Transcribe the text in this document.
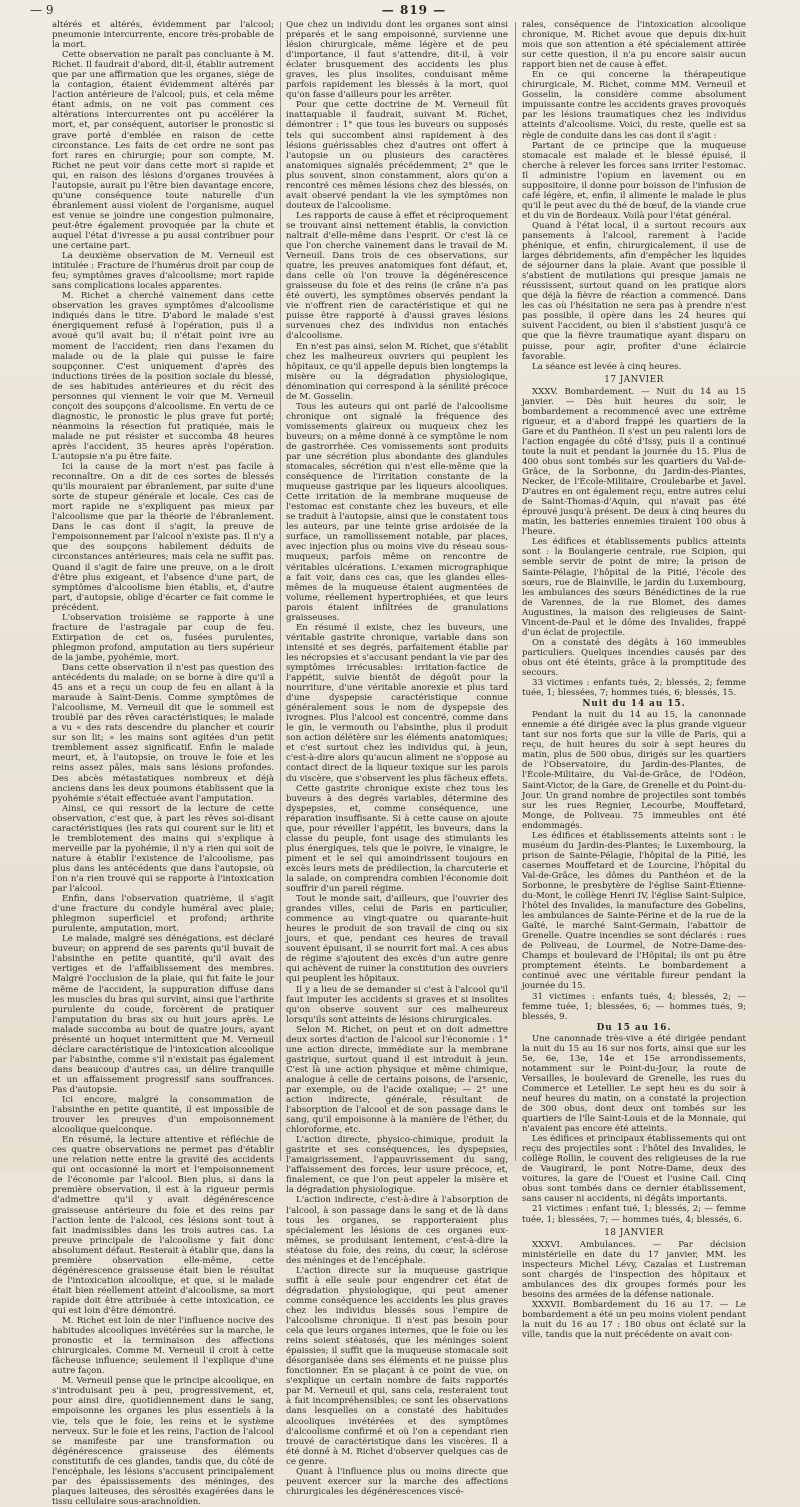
— 9	— 819 —

altérés et altérés, évidemment par l'alcool; pneumonie intercurrente, encore très-probable de la mort.

Cette observation ne paraît pas concluante à M. Richet. Il faudrait d'abord, dit-il, établir autrement que par une affirmation que les organes, siége de la contagion, étaient évidemment altérés par l'action antérieure de l'alcool; puis, et cela même étant admis, on ne voit pas comment ces altérations intercurrentes ont pu accélérer la mort, et, par conséquent, autoriser le pronostic si grave porté d'emblée en raison de cette circonstance. Les faits de cet ordre ne sont pas fort rares en chirurgie; pour son compte, M. Richet ne peut voir dans cette mort si rapide et qui, en raison des lésions d'organes trouvées à l'autopsie, aurait pu l'être bien davantage encore, qu'une conséquence toute naturelle d'un ébranlement aussi violent de l'organisme, auquel est venue se joindre une congestion pulmonaire, peut-être également provoquée par la chute et auquel l'état d'ivresse a pu aussi contribuer pour une certaine part.

La deuxième observation de M. Verneuil est intitulée : Fracture de l'humérus droit par coup de feu; symptômes graves d'alcoolisme; mort rapide sans complications locales apparentes.

M. Richet a cherché vainement dans cette observation les graves symptômes d'alcoolisme indiqués dans le titre. D'abord le malade s'est énergiquement refusé à l'opération, puis il a avoué qu'il avait bu; il n'était point ivre au moment de l'accident; rien dans l'examen du malade ou de la plaie qui puisse le faire soupçonner. C'est uniquement d'après des inductions tirées de la position sociale du blessé, de ses habitudes antérieures et du récit des personnes qui viennent le voir que M. Verneuil conçoit des soupçons d'alcoolisme. En vertu de ce diagnostic, le pronostic le plus grave fut porté; néanmoins la résection fut pratiquée, mais le malade ne put résister et succomba 48 heures après l'accident, 35 heures après l'opération. L'autopsie n'a pu être faite.

Ici la cause de la mort n'est pas facile à reconnaître. On a dit de ces sortes de blessés qu'ils mouraient par ébranlement, par suite d'une sorte de stupeur générale et locale. Ces cas de mort rapide ne s'expliquent pas mieux par l'alcoolisme que par la théorie de l'ébranlement. Dans le cas dont il s'agit, la preuve de l'empoisonnement par l'alcool n'existe pas. Il n'y a que des soupçons habilement déduits de circonstances antérieures; mais cela ne suffit pas. Quand il s'agit de faire une preuve, on a le droit d'être plus exigeant, et l'absence d'une part, de symptômes d'alcoolisme bien établis, et, d'autre part, d'autopsie, oblige d'écarter ce fait comme le précédent.

L'observation troisième se rapporte à une fracture de l'astragale par coup de feu. Extirpation de cet os, fusées purulentes, phlegmon profond, amputation au tiers supérieur de la jambe, pyohémie, mort.

Dans cette observation il n'est pas question des antécédents du malade; on se borne à dire qu'il a 45 ans et a reçu un coup de feu en allant à la maraude à Saint-Denis. Comme symptômes de l'alcoolisme, M. Verneuil dit que le sommeil est troublé par des rêves caractéristiques; le malade a vu « des rats descendre du plancher et courir sur son lit; » les mains sont agitées d'un petit tremblement assez significatif. Enfin le malade meurt, et, à l'autopsie, on trouve le foie et les reins assez pâles, mais sans lésions profondes. Des abcès métastatiques nombreux et déjà anciens dans les deux poumons établissent que la pyohémie s'était effectuée avant l'amputation.

Ainsi, ce qui ressort de la lecture de cette observation, c'est que, à part les rêves soi-disant caractéristiques (les rats qui courent sur le lit) et le tremblotement des mains qui s'explique à merveille par la pyohémie, il n'y a rien qui soit de nature à établir l'existence de l'alcoolisme, pas plus dans les antécédents que dans l'autopsie, où l'on n'a rien trouvé qui se rapporte à l'intoxication par l'alcool.

Enfin, dans l'observation quatrième, il s'agit d'une fracture du condyle huméral avec plaie; phlegmon superficiel et profond; arthrite purulente, amputation, mort.

Le malade, malgré ses dénégations, est déclaré buveur; on apprend de ses parents qu'il buvait de l'absinthe en petite quantité, qu'il avait des vertiges et de l'affaiblissement des membres. Malgré l'occlusion de la plaie, qui fut faite le jour même de l'accident, la suppuration diffuse dans les muscles du bras qui survint, ainsi que l'arthrite purulente du coude, forcèrent de pratiquer l'amputation du bras six ou huit jours après. Le malade succomba au bout de quatre jours, ayant présenté un hoquet intermittent que M. Verneuil déclare caractéristique de l'intoxication alcoolique par l'absinthe, comme s'il n'existait pas également dans beaucoup d'autres cas, un délire tranquille et un affaissement progressif sans souffrances. Pas d'autopsie.

Ici encore, malgré la consommation de l'absinthe en petite quantité, il est impossible de trouver les preuves d'un empoisonnement alcoolique quelconque.

En résumé, la lecture attentive et réfléchie de ces quatre observations ne permet pas d'établir une relation nette entre la gravité des accidents qui ont occasionné la mort et l'empoisonnement de l'économie par l'alcool. Bien plus, si dans la première observation, il est à la rigueur permis d'admettre qu'il y avait dégénérescence graisseuse antérieure du foie et des reins par l'action lente de l'alcool, ces lésions sont tout à fait inadmissibles dans les trois autres cas. La preuve principale de l'alcoolisme y fait donc absolument défaut. Resterait à établir que, dans la première observation elle-même, cette dégénérescence graisseuse était bien le résultat de l'intoxication alcoolique, et que, si le malade était bien réellement atteint d'alcoolisme, sa mort rapide doit être attribuée à cette intoxication, ce qui est loin d'être démontré.

M. Richet est loin de nier l'influence nocive des habitudes alcooliques invétérées sur la marche, le pronostic et la terminaison des affections chirurgicales. Comme M. Verneuil il croit à cette fâcheuse influence; seulement il l'explique d'une autre façon.

M. Verneuil pense que le principe alcoolique, en s'introduisant peu à peu, progressivement, et, pour ainsi dire, quotidiennement dans le sang, empoisonne les organes les plus essentiels à la vie, tels que le foie, les reins et le système nerveux. Sur le foie et les reins, l'action de l'alcool se manifeste par une transformation ou dégénérescence graisseuse des éléments constitutifs de ces glandes, tandis que, du côté de l'encéphale, les lésions s'accusent principalement par des épaississements des méninges, des plaques laiteuses, des sérosités exagérées dans le tissu cellulaire sous-arachnoïdien.

Que chez un individu dont les organes sont ainsi préparés et le sang empoisonné, survienne une lésion chirurgicale, même légère et de peu d'importance, il faut s'attendre, dit-il, à voir éclater brusquement des accidents les plus graves, les plus insolites, conduisant même parfois rapidement les blessés à la mort, quoi qu'on fasse d'ailleurs pour les arrêter.

Pour que cette doctrine de M. Verneuil fût inattaquable il faudrait, suivant M. Richet, démontrer : 1° que tous les buveurs ou supposés tels qui succombent ainsi rapidement à des lésions guérissables chez d'autres ont offert à l'autopsie un ou plusieurs des caractères anatomiques signalés précédemment; 2° que le plus souvent, sinon constamment, alors qu'on a rencontré ces mêmes lésions chez des blessés, on avait observé pendant la vie les symptômes non douteux de l'alcoolisme.

Les rapports de cause à effet et réciproquement se trouvant ainsi nettement établis, la conviction naîtrait d'elle-même dans l'esprit. Or c'est là ce que l'on cherche vainement dans le travail de M. Verneuil. Dans trois de ces observations, sur quatre, les preuves anatomiques font défaut, et, dans celle où l'on trouve la dégénérescence graisseuse du foie et des reins (le crâne n'a pas été ouvert), les symptômes observés pendant la vie n'offrent rien de caractéristique et qui ne puisse être rapporté à d'aussi graves lésions survenues chez des individus non entachés d'alcoolisme.

En n'est pas ainsi, selon M. Richet, que s'établit chez les malheureux ouvriers qui peuplent les hôpitaux, ce qu'il appelle depuis bien longtemps la misère ou la dégradation physiologique, dénomination qui correspond à la sénilité précoce de M. Gosselin.

Tous les auteurs qui ont parlé de l'alcoolisme chronique ont signalé la fréquence des vomissements glaireux ou muqueux chez les buveurs; on a même donné à ce symptôme le nom de gastrorrhée. Ces vomissements sont produits par une sécrétion plus abondante des glandules stomacales, sécrétion qui n'est elle-même que la conséquence de l'irritation constante de la muqueuse gastrique par les liqueurs alcooliques. Cette irritation de la membrane muqueuse de l'estomac est constante chez les buveurs, et elle se traduit à l'autopsie, ainsi que le constatent tous les auteurs, par une teinte grise ardoisée de la surface, un ramollissement notable, par places, avec injection plus ou moins vive du réseau sous-muqueux; parfois même on rencontre de véritables ulcérations. L'examen micrographique a fait voir, dans ces cas, que les glandes elles-mêmes de la muqueuse étaient augmentées de volume, réellement hypertrophiées, et que leurs parois étaient infiltrées de granulations graisseuses.

En résumé il existe, chez les buveurs, une véritable gastrite chronique, variable dans son intensité et ses degrés, parfaitement établie par les nécropsies et s'accusant pendant la vie par des symptômes irrécusables: irritation-factice de l'appétit, suivie bientôt de dégoût pour la nourriture, d'une véritable anorexie et plus tard d'une dyspepsie caractéristique connue généralement sous le nom de dyspepsie des ivrognes. Plus l'alcool est concentré, comme dans le gin, le vermouth ou l'absinthe, plus il produit son action délétère sur les éléments anatomiques; et c'est surtout chez les individus qui, à jeun, c'est-à-dire alors qu'aucun aliment ne s'oppose au contact direct de la liqueur toxique sur les parois du viscère, que s'observent les plus fâcheux effets.

Cette gastrite chronique existe chez tous les buveurs à des degrés variables, détermine des dyspepsies, et, comme conséquence, une réparation insuffisante. Si à cette cause on ajoute que, pour réveiller l'appétit, les buveurs, dans la classe du peuple, font usage des stimulants les plus énergiques, tels que le poivre, le vinaigre, le piment et le sel qui amoindrissent toujours en excès leurs mets de prédilection, la charcuterie et la salade, on comprendra combien l'économie doit souffrir d'un pareil régime.

Tout le monde sait, d'ailleurs, que l'ouvrier des grandes villes, celui de Paris en particulier, commence au vingt-quatre ou quarante-huit heures le produit de son travail de cinq ou six jours, et que, pendant ces heures de travail souvent épuisant, il se nourrit fort mal. A ces abus de régime s'ajoutent des excès d'un autre genre qui achèvent de ruiner la constitution des ouvriers qui peuplent les hôpitaux.

Il y a lieu de se demander si c'est à l'alcool qu'il faut imputer les accidents si graves et si insolites qu'on observe souvent sur ces malheureux lorsqu'ils sont atteints de lésions chirurgicales.

Selon M. Richet, on peut et on doit admettre deux sortes d'action de l'alcool sur l'économie : 1° une action directe, immédiate sur la membrane gastrique, surtout quand il est introduit à jeun. C'est là une action physique et même chimique, analogue à celle de certains poisons, de l'arsenic, par exemple, ou de l'acide oxalique; — 2° une action indirecte, générale, résultant de l'absorption de l'alcool et de son passage dans le sang, qu'il empoisonne à la manière de l'éther, du chloroforme, etc.

L'action directe, physico-chimique, produit la gastrite et ses conséquences, les dyspepsies, l'amaigrissement, l'appauvrissement du sang, l'affaissement des forces, leur usure précoce, et, finalement, ce que l'on peut appeler la misère et la dégradation physiologique.

L'action indirecte, c'est-à-dire à l'absorption de l'alcool, à son passage dans le sang et de là dans tous les organes, se rapporteraient plus spécialement les lésions de ces organes eux-mêmes, se produisant lentement, c'est-à-dire la stéatose du foie, des reins, du cœur, la sclérose des méninges et de l'encéphale.

L'action directe sur la muqueuse gastrique suffit à elle seule pour engendrer cet état de dégradation physiologique, qui peut amener comme conséquence les accidents les plus graves chez les individus blessés sous l'empire de l'alcoolisme chronique. Il n'est pas besoin pour cela que leurs organes internes, que le foie ou les reins soient stéatosés, que les méninges soient épaissies; il suffit que la muqueuse stomacale soit désorganisée dans ses éléments et ne puisse plus fonctionner. En se plaçant à ce point de vue, on s'explique un certain nombre de faits rapportés par M. Verneuil et qui, sans cela, resteraient tout à fait incompréhensibles; ce sont les observations dans lesquelles on a constaté des habitudes alcooliques invétérées et des symptômes d'alcoolisme confirmé et où l'on a cependant rien trouvé de caractéristique dans les viscères. Il a été donné à M. Richet d'observer quelques cas de ce genre.

Quant à l'influence plus ou moins directe que peuvent exercer sur la marche des affections chirurgicales les dégénérescences viscé-

rales, conséquence de l'intoxication alcoolique chronique, M. Richet avoue que depuis dix-huit mois que son attention a été spécialement attirée sur cette question, il n'a pu encore saisir aucun rapport bien net de cause à effet.

En ce qui concerne la thérapeutique chirurgicale, M. Richet, comme MM. Verneuil et Gosselin, la considère comme absolument impuissante contre les accidents graves provoqués par les lésions traumatiques chez les individus atteints d'alcoolisme. Voici, du reste, quelle est sa règle de conduite dans les cas dont il s'agit :

Partant de ce principe que la muqueuse stomacale est malade et le blessé épuisé, il cherche à relever les forces sans irriter l'estomac. Il administre l'opium en lavement ou en suppositoire, il donne pour boisson de l'infusion de café légère, et, enfin, il alimente le malade le plus qu'il le peut avec du thé de bœuf, de la viande crue et du vin de Bordeaux. Voilà pour l'état général.

Quand à l'état local, il a surtout recours aux pansements à l'alcool, rarement à l'acide phénique, et enfin, chirurgicalement, il use de larges débridements, afin d'empêcher les liquides de séjourner dans la plaie. Avant que possible il s'abstient de mutilations qui presque jamais ne réussissent, surtout quand on les pratique alors que déjà la fièvre de réaction a commencé. Dans les cas où l'hésitation ne sera pas à prendre n'est pas possible, il opère dans les 24 heures qui suivent l'accident, ou bien il s'abstient jusqu'à ce que que la fièvre traumatique ayant disparu on puisse, pour agir, profiter d'une éclaircie favorable.

La séance est levée à cinq heures.

17 JANVIER

XXXV. Bombardement. — Nuit du 14 au 15 janvier. — Dès huit heures du soir, le bombardement a recommencé avec une extrême rigueur, et a d'abord frappé les quartiers de la Gare et du Panthéon. Il s'est un peu ralenti lors de l'action engagée du côté d'Issy, puis il a continué toute la nuit et pendant la journée du 15. Plus de 400 obus sont tombés sur les quartiers du Val-de-Grâce, de la Sorbonne, du Jardin-des-Plantes, Necker, de l'École-Militaire, Croulebarbe et Javel. D'autres en ont également reçu, entre autres celui de Saint-Thomas-d'Aquin, qui n'avait pas été éprouvé jusqu'à présent. De deux à cinq heures du matin, les batteries ennemies tiraient 100 obus à l'heure.

Les édifices et établissements publics atteints sont : la Boulangerie centrale, rue Scipion, qui semble servir de point de mire; la prison de Sainte-Pélagie, l'hôpital de la Pitié, l'école des sœurs, rue de Blainville, le jardin du Luxembourg, les ambulances des sœurs Bénédictines de la rue de Varennes, de la rue Blomet, des dames Augustines, la maison des religieuses de Saint-Vincent-de-Paul et le dôme des Invalides, frappé d'un éclat de projectile.

On a constaté des dégâts à 160 immeubles particuliers. Quelques incendies causés par des obus ont été éteints, grâce à la promptitude des secours.

33 victimes : enfants tués, 2; blessés, 2; femme tuée, 1; blessées, 7; hommes tués, 6; blessés, 15.

Nuit du 14 au 15.

Pendant la nuit du 14 au 15, la canonnade ennemie a été dirigée avec la plus grande vigueur tant sur nos forts que sur la ville de Paris, qui a reçu, de huit heures du soir à sept heures du matin, plus de 500 obus, dirigés sur les quartiers de l'Observatoire, du Jardin-des-Plantes, de l'École-Militaire, du Val-de-Grâce, de l'Odéon, Saint-Victor, de la Gare, de Grenelle et du Point-du-Jour. Un grand nombre de projectiles sont tombés sur les rues Regnier, Lecourbe, Mouffetard, Monge, de Poliveau. 75 immeubles ont été endommagés.

Les édifices et établissements atteints sont : le muséum du Jardin-des-Plantes; le Luxembourg, la prison de Sainte-Pélagie, l'hôpital de la Pitié, les casernes Mouffetard et de Lourcine, l'hôpital du Val-de-Grâce, les dômes du Panthéon et de la Sorbonne, le presbytère de l'église Saint-Étienne-du-Mont, le collège Henri IV, l'église Saint-Sulpice, l'hôtel des Invalides, la manufacture des Gobelins, les ambulances de Sainte-Périne et de la rue de la Gaîté, le marché Saint-Germain, l'abattoir de Grenelle. Quatre incendies se sont déclarés : rues de Poliveau, de Lourmel, de Notre-Dame-des-Champs et boulevard de l'Hôpital; ils ont pu être promptement éteints. Le bombardement a continué avec une véritable fureur pendant la journée du 15.

31 victimes : enfants tués, 4; blessés, 2; — femme tuée, 1; blessées, 6; — hommes tués, 9; blessés, 9.

Du 15 au 16.

Une canonnade très-vive a été dirigée pendant la nuit du 15 au 16 sur nos forts, ainsi que sur les 5e, 6e, 13e, 14e et 15e arrondissements, notamment sur le Point-du-Jour, la route de Versailles, le boulevard de Grenelle, les rues du Commerce et Letellier. Le sept heu es du soir à neuf heures du matin, on a constaté la projection de 300 obus, dont deux ont tombés sur les quartiers de l'île Saint-Louis et de la Monnaie, qui n'avaient pas encore été atteints.

Les édifices et principaux établissements qui ont reçu des projectiles sont : l'hôtel des Invalides, le collège Rollin, le couvent des religieuses de la rue de Vaugirard, le pont Notre-Dame, deux des voitures, la gare de l'Ouest et l'usine Cail. Cinq obus sont tombés dans ce dernier établissement, sans causer ni accidents, ni dégâts importants.

21 victimes : enfant tué, 1; blessés, 2; — femme tuée, 1; blessées, 7; — hommes tués, 4; blessés, 6.

18 JANVIER

XXXVI. Ambulances. — Par décision ministérielle en date du 17 janvier, MM. les inspecteurs Michel Lévy, Cazalas et Lustreman sont chargés de l'inspection des hôpitaux et ambulances des dix groupes formés pour les besoins des armées de la défense nationale.

XXXVII. Bombardement du 16 au 17. — Le bombardement a été un peu moins violent pendant la nuit du 16 au 17 : 180 obus ont éclaté sur la ville, tandis que la nuit précédente on avait con-
